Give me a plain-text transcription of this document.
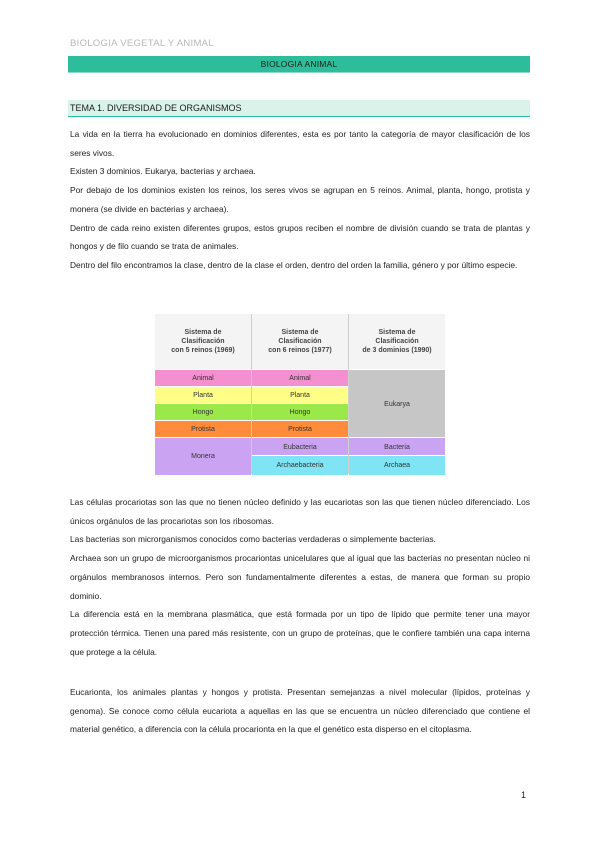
BIOLOGIA VEGETAL Y ANIMAL
BIOLOGIA ANIMAL
TEMA 1. DIVERSIDAD DE ORGANISMOS

La vida en la tierra ha evolucionado en dominios diferentes, esta es por tanto la categoría de mayor clasificación de los seres vivos.

Existen 3 dominios. Eukarya, bacterias y archaea.

Por debajo de los dominios existen los reinos, los seres vivos se agrupan en 5 reinos. Animal, planta, hongo, protista y monera (se divide en bacterias y archaea).

Dentro de cada reino existen diferentes grupos, estos grupos reciben el nombre de división cuando se trata de plantas y hongos y de filo cuando se trata de animales.

Dentro del filo encontramos la clase, dentro de la clase el orden, dentro del orden la familia, género y por último especie.

Sistema de
Clasificación
con 5 reinos (1969)
Animal
Planta
Hongo
Protista
Monera
Sistema de
Clasificación
con 6 reinos (1977)
Animal
Planta
Hongo
Protista
Eubacteria
Archaebacteria
Sistema de
Clasificación
de 3 dominios (1990)
Eukarya
Bacteria
Archaea

Las células procariotas son las que no tienen núcleo definido y las eucariotas son las que tienen núcleo diferenciado. Los únicos orgánulos de las procariotas son los ribosomas.

Las bacterias son microrganismos conocidos como bacterias verdaderas o simplemente bacterias.

Archaea son un grupo de microorganismos procariontas unicelulares que al igual que las bacterias no presentan núcleo ni orgánulos membranosos internos. Pero son fundamentalmente diferentes a estas, de manera que forman su propio dominio.

La diferencia está en la membrana plasmática, que está formada por un tipo de lípido que permite tener una mayor protección térmica. Tienen una pared más resistente, con un grupo de proteínas, que le confiere también una capa interna que protege a la célula.

Eucarionta, los animales plantas y hongos y protista. Presentan semejanzas a nivel molecular (lípidos, proteínas y genoma). Se conoce como célula eucariota a aquellas en las que se encuentra un núcleo diferenciado que contiene el material genético, a diferencia con la célula procarionta en la que el genético esta disperso en el citoplasma.

1
